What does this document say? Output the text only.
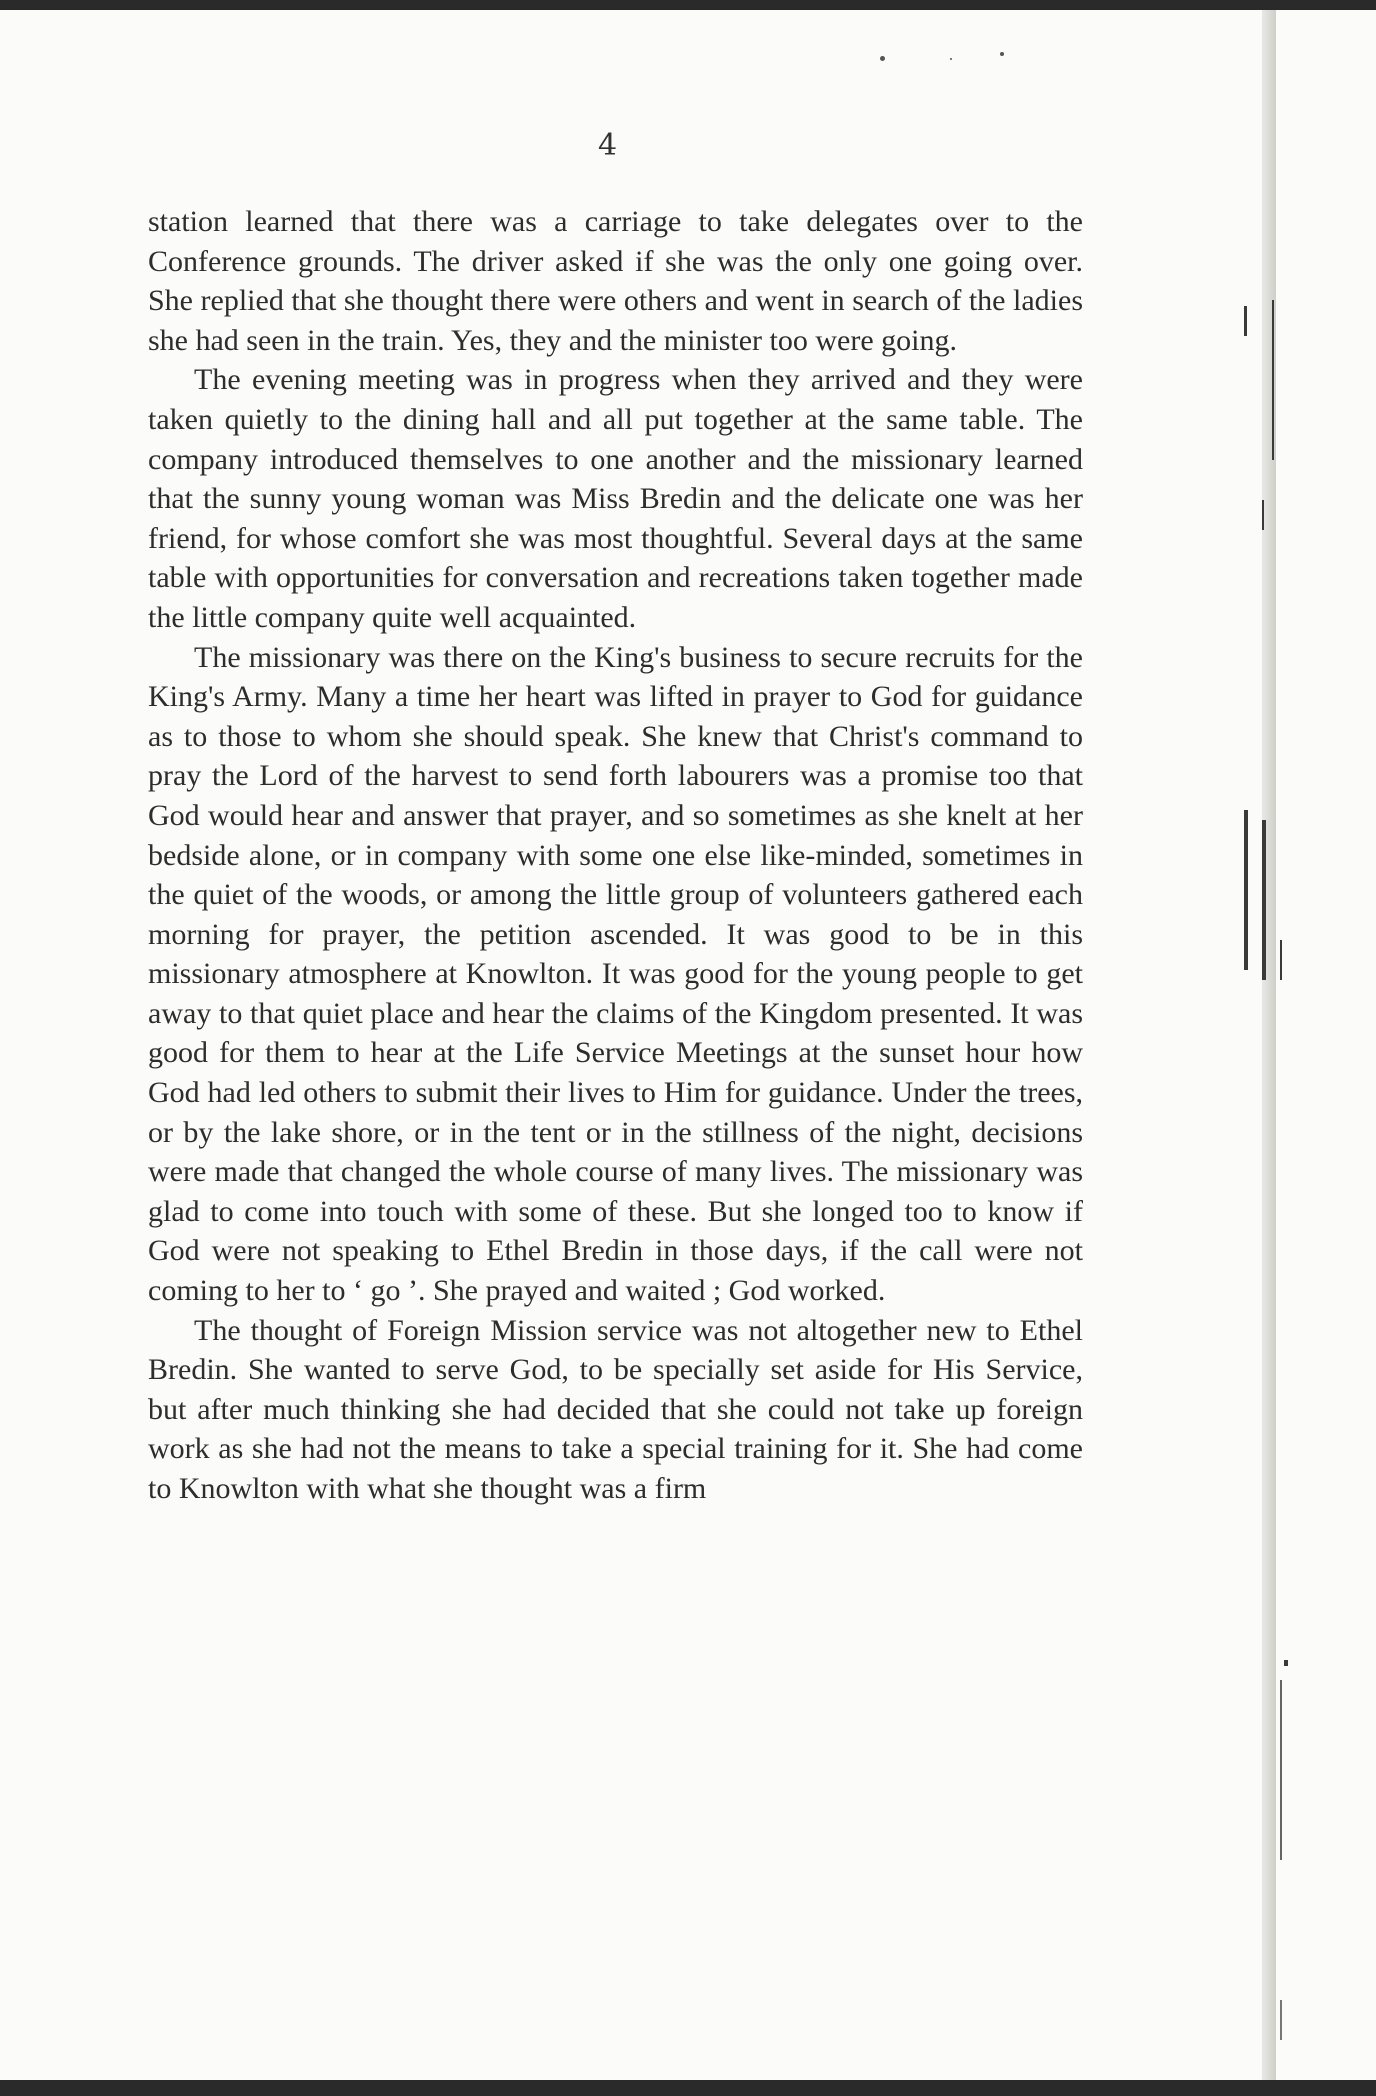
4

station learned that there was a carriage to take delegates over to the Conference grounds. The driver asked if she was the only one going over. She replied that she thought there were others and went in search of the ladies she had seen in the train. Yes, they and the minister too were going.

The evening meeting was in progress when they arrived and they were taken quietly to the dining hall and all put together at the same table. The company introduced themselves to one another and the missionary learned that the sunny young woman was Miss Bredin and the delicate one was her friend, for whose comfort she was most thoughtful. Several days at the same table with opportunities for conversation and recreations taken together made the little company quite well acquainted.

The missionary was there on the King's business to secure recruits for the King's Army. Many a time her heart was lifted in prayer to God for guidance as to those to whom she should speak. She knew that Christ's command to pray the Lord of the harvest to send forth labourers was a promise too that God would hear and answer that prayer, and so sometimes as she knelt at her bedside alone, or in company with some one else like-minded, sometimes in the quiet of the woods, or among the little group of volunteers gathered each morning for prayer, the petition ascended. It was good to be in this missionary atmosphere at Knowlton. It was good for the young people to get away to that quiet place and hear the claims of the Kingdom presented. It was good for them to hear at the Life Service Meetings at the sunset hour how God had led others to submit their lives to Him for guidance. Under the trees, or by the lake shore, or in the tent or in the stillness of the night, decisions were made that changed the whole course of many lives. The missionary was glad to come into touch with some of these. But she longed too to know if God were not speaking to Ethel Bredin in those days, if the call were not coming to her to ‘ go ’. She prayed and waited ; God worked.

The thought of Foreign Mission service was not altogether new to Ethel Bredin. She wanted to serve God, to be specially set aside for His Service, but after much thinking she had decided that she could not take up foreign work as she had not the means to take a special training for it. She had come to Knowlton with what she thought was a firm
